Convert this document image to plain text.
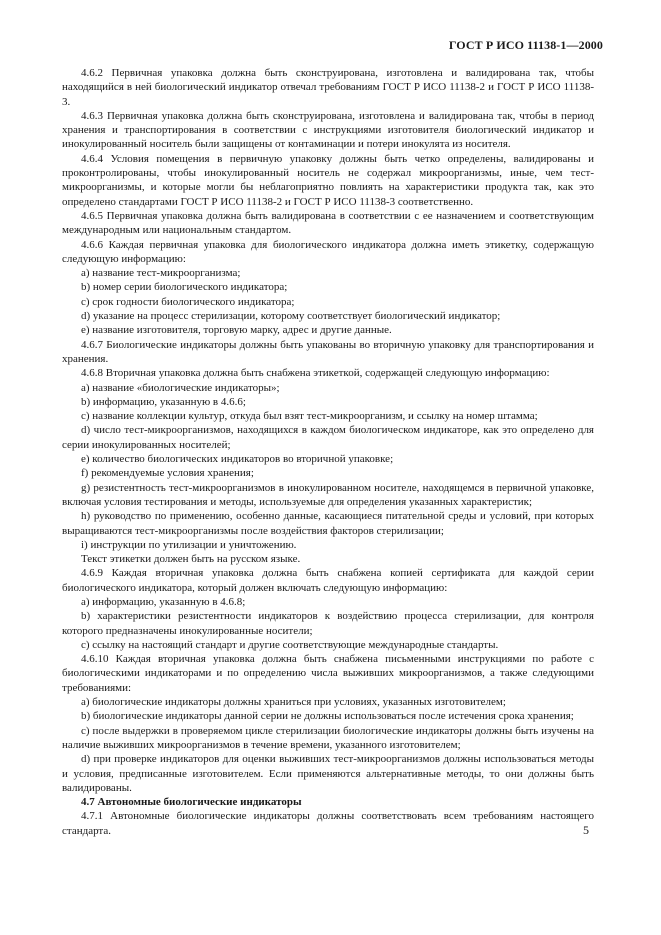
ГОСТ Р ИСО 11138-1—2000

4.6.2 Первичная упаковка должна быть сконструирована, изготовлена и валидирована так, чтобы находящийся в ней биологический индикатор отвечал требованиям ГОСТ Р ИСО 11138-2 и ГОСТ Р ИСО 11138-3.

4.6.3 Первичная упаковка должна быть сконструирована, изготовлена и валидирована так, чтобы в период хранения и транспортирования в соответствии с инструкциями изготовителя биологический индикатор и инокулированный носитель были защищены от контаминации и потери инокулята из носителя.

4.6.4 Условия помещения в первичную упаковку должны быть четко определены, валидированы и проконтролированы, чтобы инокулированный носитель не содержал микроорганизмы, иные, чем тест-микроорганизмы, и которые могли бы неблагоприятно повлиять на характеристики продукта так, как это определено стандартами ГОСТ Р ИСО 11138-2 и ГОСТ Р ИСО 11138-3 соответственно.

4.6.5 Первичная упаковка должна быть валидирована в соответствии с ее назначением и соответствующим международным или национальным стандартом.

4.6.6 Каждая первичная упаковка для биологического индикатора должна иметь этикетку, содержащую следующую информацию:

a) название тест-микроорганизма;

b) номер серии биологического индикатора;

c) срок годности биологического индикатора;

d) указание на процесс стерилизации, которому соответствует биологический индикатор;

e) название изготовителя, торговую марку, адрес и другие данные.

4.6.7 Биологические индикаторы должны быть упакованы во вторичную упаковку для транспортирования и хранения.

4.6.8 Вторичная упаковка должна быть снабжена этикеткой, содержащей следующую информацию:

a) название «биологические индикаторы»;

b) информацию, указанную в 4.6.6;

c) название коллекции культур, откуда был взят тест-микроорганизм, и ссылку на номер штамма;

d) число тест-микроорганизмов, находящихся в каждом биологическом индикаторе, как это определено для серии инокулированных носителей;

e) количество биологических индикаторов во вторичной упаковке;

f) рекомендуемые условия хранения;

g) резистентность тест-микроорганизмов в инокулированном носителе, находящемся в первичной упаковке, включая условия тестирования и методы, используемые для определения указанных характеристик;

h) руководство по применению, особенно данные, касающиеся питательной среды и условий, при которых выращиваются тест-микроорганизмы после воздействия факторов стерилизации;

i) инструкции по утилизации и уничтожению.

Текст этикетки должен быть на русском языке.

4.6.9 Каждая вторичная упаковка должна быть снабжена копией сертификата для каждой серии биологического индикатора, который должен включать следующую информацию:

a) информацию, указанную в 4.6.8;

b) характеристики резистентности индикаторов к воздействию процесса стерилизации, для контроля которого предназначены инокулированные носители;

c) ссылку на настоящий стандарт и другие соответствующие международные стандарты.

4.6.10 Каждая вторичная упаковка должна быть снабжена письменными инструкциями по работе с биологическими индикаторами и по определению числа выживших микроорганизмов, а также следующими требованиями:

a) биологические индикаторы должны храниться при условиях, указанных изготовителем;

b) биологические индикаторы данной серии не должны использоваться после истечения срока хранения;

c) после выдержки в проверяемом цикле стерилизации биологические индикаторы должны быть изучены на наличие выживших микроорганизмов в течение времени, указанного изготовителем;

d) при проверке индикаторов для оценки выживших тест-микроорганизмов должны использоваться методы и условия, предписанные изготовителем. Если применяются альтернативные методы, то они должны быть валидированы.

4.7 Автономные биологические индикаторы

4.7.1 Автономные биологические индикаторы должны соответствовать всем требованиям настоящего стандарта.	5
